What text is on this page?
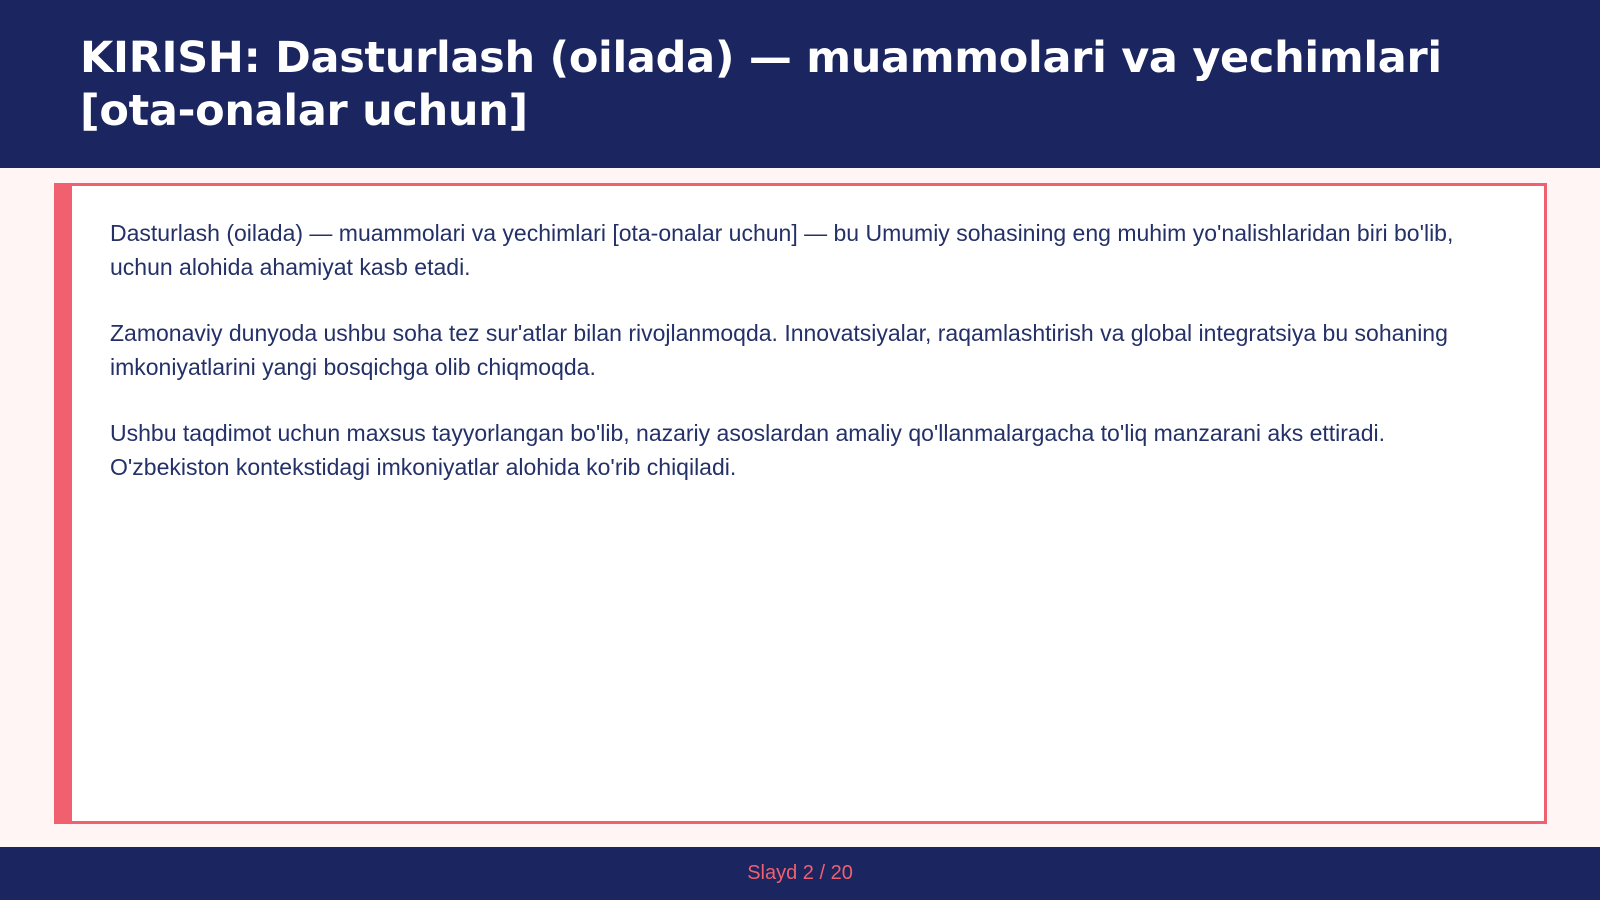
KIRISH: Dasturlash (oilada) — muammolari va yechimlari [ota-onalar uchun]

Dasturlash (oilada) — muammolari va yechimlari [ota-onalar uchun] — bu Umumiy sohasining eng muhim yo'nalishlaridan biri bo'lib, uchun alohida ahamiyat kasb etadi.

Zamonaviy dunyoda ushbu soha tez sur'atlar bilan rivojlanmoqda. Innovatsiyalar, raqamlashtirish va global integratsiya bu sohaning imkoniyatlarini yangi bosqichga olib chiqmoqda.

Ushbu taqdimot uchun maxsus tayyorlangan bo'lib, nazariy asoslardan amaliy qo'llanmalargacha to'liq manzarani aks ettiradi. O'zbekiston kontekstidagi imkoniyatlar alohida ko'rib chiqiladi.

Slayd 2 / 20
